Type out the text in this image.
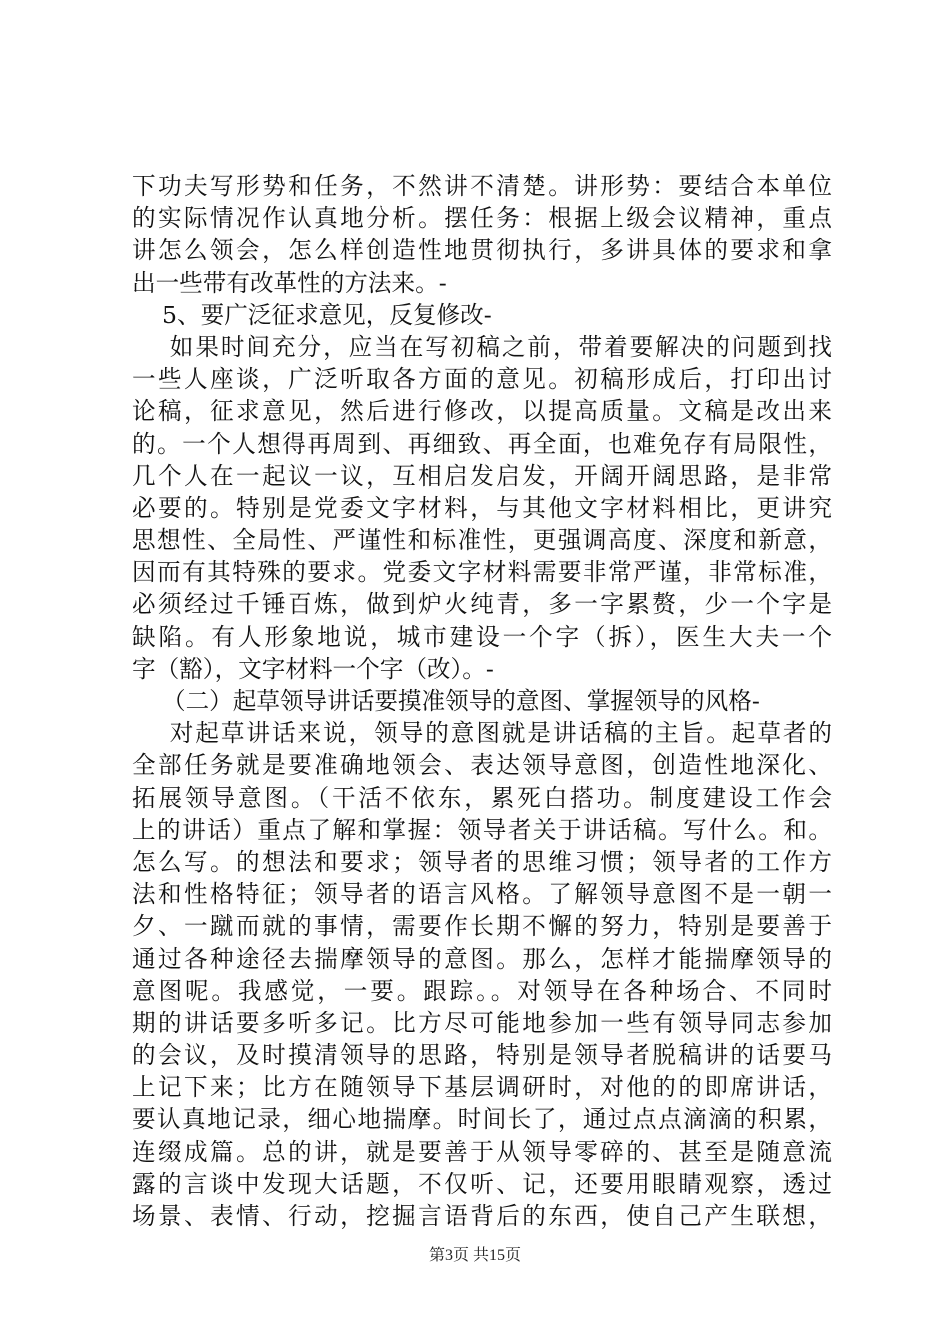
下功夫写形势和任务，不然讲不清楚。讲形势：要结合本单位
的实际情况作认真地分析。摆任务：根据上级会议精神，重点
讲怎么领会，怎么样创造性地贯彻执行，多讲具体的要求和拿
出一些带有改革性的方法来。-
5、要广泛征求意见，反复修改-
如果时间充分，应当在写初稿之前，带着要解决的问题到找
一些人座谈，广泛听取各方面的意见。初稿形成后，打印出讨
论稿，征求意见，然后进行修改，以提高质量。文稿是改出来
的。一个人想得再周到、再细致、再全面，也难免存有局限性，
几个人在一起议一议，互相启发启发，开阔开阔思路，是非常
必要的。特别是党委文字材料，与其他文字材料相比，更讲究
思想性、全局性、严谨性和标准性，更强调高度、深度和新意，
因而有其特殊的要求。党委文字材料需要非常严谨，非常标准，
必须经过千锤百炼，做到炉火纯青，多一字累赘，少一个字是
缺陷。有人形象地说，城市建设一个字（拆），医生大夫一个
字（豁），文字材料一个字（改）。-
（二）起草领导讲话要摸准领导的意图、掌握领导的风格-
对起草讲话来说，领导的意图就是讲话稿的主旨。起草者的
全部任务就是要准确地领会、表达领导意图，创造性地深化、
拓展领导意图。（干活不依东，累死白搭功。制度建设工作会
上的讲话）重点了解和掌握：领导者关于讲话稿。写什么。和。
怎么写。的想法和要求；领导者的思维习惯；领导者的工作方
法和性格特征；领导者的语言风格。了解领导意图不是一朝一
夕、一蹴而就的事情，需要作长期不懈的努力，特别是要善于
通过各种途径去揣摩领导的意图。那么，怎样才能揣摩领导的
意图呢。我感觉，一要。跟踪。。对领导在各种场合、不同时
期的讲话要多听多记。比方尽可能地参加一些有领导同志参加
的会议，及时摸清领导的思路，特别是领导者脱稿讲的话要马
上记下来；比方在随领导下基层调研时，对他的的即席讲话，
要认真地记录，细心地揣摩。时间长了，通过点点滴滴的积累，
连缀成篇。总的讲，就是要善于从领导零碎的、甚至是随意流
露的言谈中发现大话题，不仅听、记，还要用眼睛观察，透过
场景、表情、行动，挖掘言语背后的东西，使自己产生联想，
第3页 共15页
